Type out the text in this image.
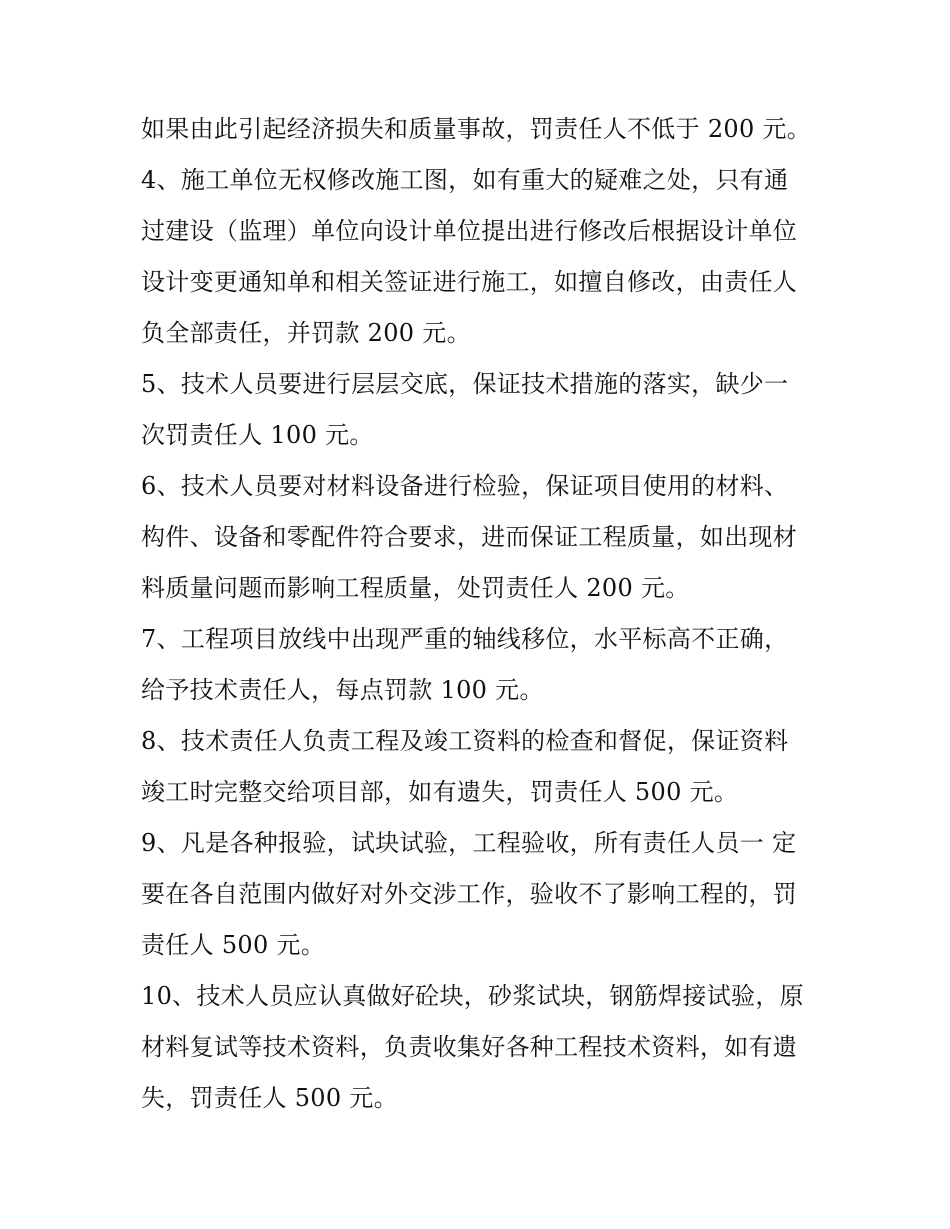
如果由此引起经济损失和质量事故，罚责任人不低于 200 元。
4、施工单位无权修改施工图，如有重大的疑难之处，只有通
过建设（监理）单位向设计单位提出进行修改后根据设计单位
设计变更通知单和相关签证进行施工，如擅自修改，由责任人
负全部责任，并罚款 200 元。
5、技术人员要进行层层交底，保证技术措施的落实，缺少一
次罚责任人 100 元。
6、技术人员要对材料设备进行检验，保证项目使用的材料、
构件、设备和零配件符合要求，进而保证工程质量，如出现材
料质量问题而影响工程质量，处罚责任人 200 元。
7、工程项目放线中出现严重的轴线移位，水平标高不正确，
给予技术责任人，每点罚款 100 元。
8、技术责任人负责工程及竣工资料的检查和督促，保证资料
竣工时完整交给项目部，如有遗失，罚责任人 500 元。
9、凡是各种报验，试块试验，工程验收，所有责任人员一 定
要在各自范围内做好对外交涉工作，验收不了影响工程的，罚
责任人 500 元。
10、技术人员应认真做好砼块，砂浆试块，钢筋焊接试验，原
材料复试等技术资料，负责收集好各种工程技术资料，如有遗
失，罚责任人 500 元。
